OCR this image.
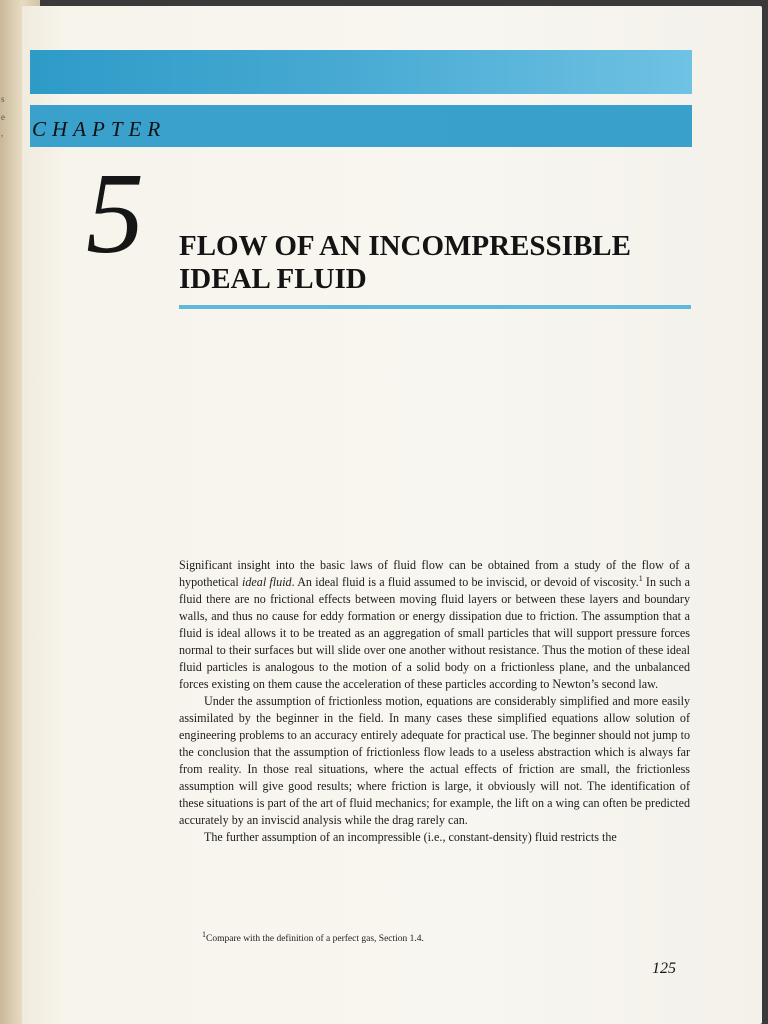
s
e
, CHAPTER
5 FLOW OF AN INCOMPRESSIBLE
IDEAL FLUID

Significant insight into the basic laws of fluid flow can be obtained from a study of the flow of a hypothetical ideal fluid. An ideal fluid is a fluid assumed to be inviscid, or devoid of viscosity.$^1$ In such a fluid there are no frictional effects between moving fluid layers or between these layers and boundary walls, and thus no cause for eddy formation or energy dissipation due to friction. The assumption that a fluid is ideal allows it to be treated as an aggregation of small particles that will support pressure forces normal to their surfaces but will slide over one another without resistance. Thus the motion of these ideal fluid particles is analogous to the motion of a solid body on a frictionless plane, and the unbalanced forces existing on them cause the acceleration of these particles according to Newton’s second law.

Under the assumption of frictionless motion, equations are considerably simplified and more easily assimilated by the beginner in the field. In many cases these simplified equations allow solution of engineering problems to an accuracy entirely adequate for practical use. The beginner should not jump to the conclusion that the assumption of frictionless flow leads to a useless abstraction which is always far from reality. In those real situations, where the actual effects of friction are small, the frictionless assumption will give good results; where friction is large, it obviously will not. The identification of these situations is part of the art of fluid mechanics; for example, the lift on a wing can often be predicted accurately by an inviscid analysis while the drag rarely can.

The further assumption of an incompressible (i.e., constant-density) fluid restricts the

$^1$Compare with the definition of a perfect gas, Section 1.4.
125
